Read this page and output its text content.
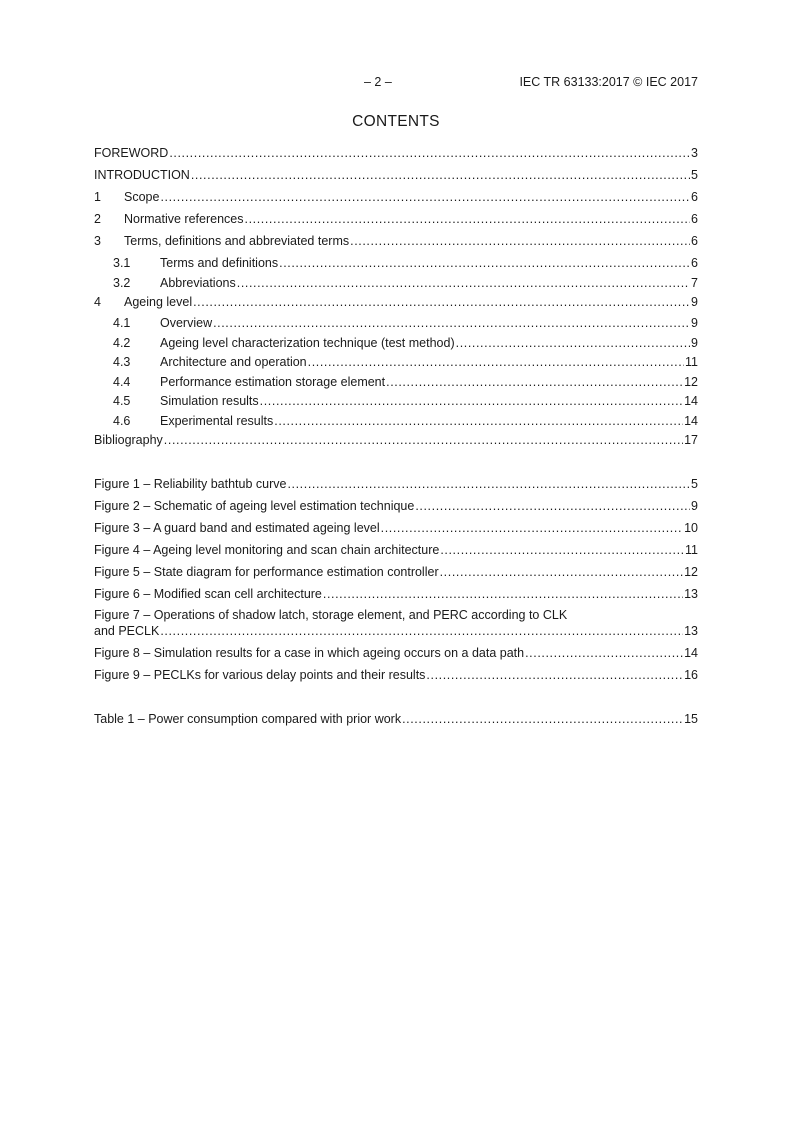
– 2 –	IEC TR 63133:2017 © IEC 2017
CONTENTS
FOREWORD .....	3
INTRODUCTION .....	5
1	Scope .....	6
2	Normative references .....	6
3	Terms, definitions and abbreviated terms .....	6
3.1	Terms and definitions .....	6
3.2	Abbreviations .....	7
4	Ageing level .....	9
4.1	Overview .....	9
4.2	Ageing level characterization technique (test method) .....	9
4.3	Architecture and operation .....	11
4.4	Performance estimation storage element .....	12
4.5	Simulation results .....	14
4.6	Experimental results .....	14
Bibliography .....	17
Figure 1 – Reliability bathtub curve .....	5
Figure 2 – Schematic of ageing level estimation technique .....	9
Figure 3 – A guard band and estimated ageing level .....	10
Figure 4 – Ageing level monitoring and scan chain architecture .....	11
Figure 5 – State diagram for performance estimation controller .....	12
Figure 6 – Modified scan cell architecture .....	13
Figure 7 – Operations of shadow latch, storage element, and PERC according to CLK
and PECLK .....	13
Figure 8 – Simulation results for a case in which ageing occurs on a data path .....	14
Figure 9 – PECLKs for various delay points and their results .....	16
Table 1 – Power consumption compared with prior work .....	15
